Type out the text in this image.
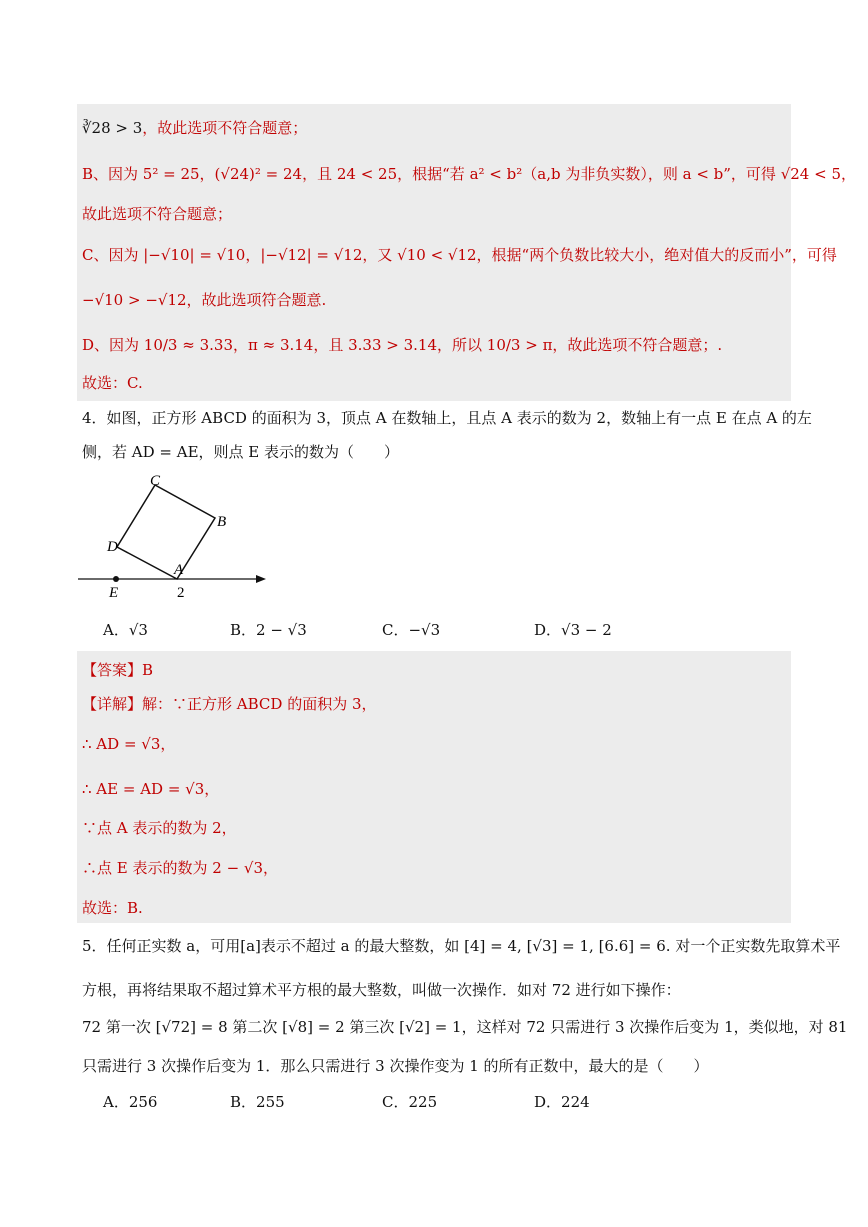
∛28 > 3，故此选项不符合题意；
B、因为 5² = 25，(√24)² = 24，且 24 < 25，根据“若 a² < b²（a,b 为非负实数），则 a < b”，可得 √24 < 5，
故此选项不符合题意；
C、因为 |−√10| = √10，|−√12| = √12，又 √10 < √12，根据“两个负数比较大小，绝对值大的反而小”，可得
−√10 > −√12，故此选项符合题意.
D、因为 10/3 ≈ 3.33，π ≈ 3.14，且 3.33 > 3.14，所以 10/3 > π，故此选项不符合题意；.
故选：C.
4．如图，正方形 ABCD 的面积为 3，顶点 A 在数轴上，且点 A 表示的数为 2，数轴上有一点 E 在点 A 的左
侧，若 AD = AE，则点 E 表示的数为（　　）
C
B
D
A
E	2
A．√3	B．2 − √3	C．−√3	D．√3 − 2
【答案】B
【详解】解：∵正方形 ABCD 的面积为 3，
∴ AD = √3，
∴ AE = AD = √3，
∵点 A 表示的数为 2，
∴点 E 表示的数为 2 − √3，
故选：B.
5．任何正实数 a，可用[a]表示不超过 a 的最大整数，如 [4] = 4, [√3] = 1, [6.6] = 6. 对一个正实数先取算术平
方根，再将结果取不超过算术平方根的最大整数，叫做一次操作．如对 72 进行如下操作：
72 第一次 [√72] = 8 第二次 [√8] = 2 第三次 [√2] = 1，这样对 72 只需进行 3 次操作后变为 1，类似地，对 81
只需进行 3 次操作后变为 1．那么只需进行 3 次操作变为 1 的所有正数中，最大的是（　　）
A．256	B．255	C．225	D．224
